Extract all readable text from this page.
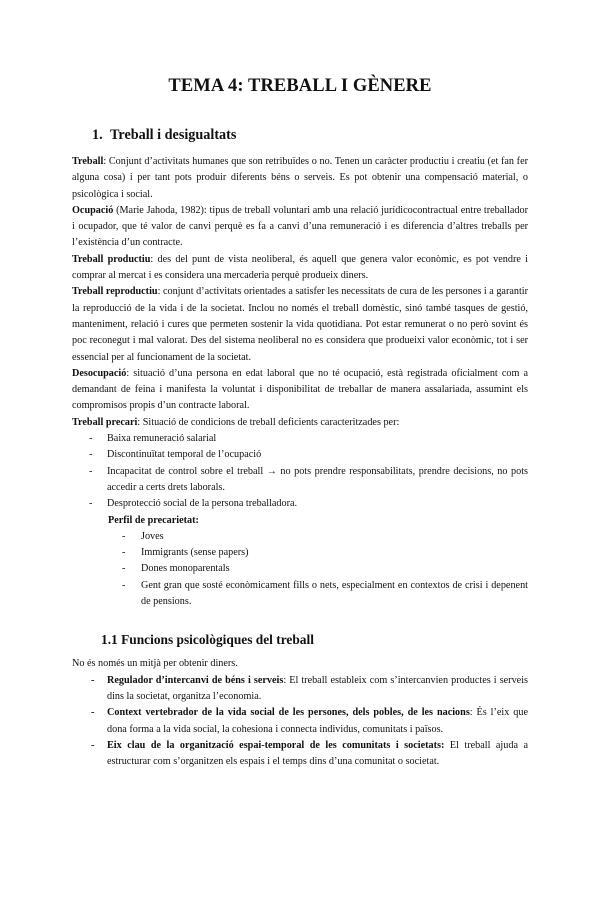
TEMA 4: TREBALL I GÈNERE
1. Treball i desigualtats

Treball: Conjunt d’activitats humanes que son retribuïdes o no. Tenen un caràcter productiu i creatiu (et fan fer alguna cosa) i per tant pots produir diferents béns o serveis. Es pot obtenir una compensació material, o psicològica i social.

Ocupació (Marie Jahoda, 1982): tipus de treball voluntari amb una relació jurídicocontractual entre treballador i ocupador, que té valor de canvi perquè es fa a canvi d’una remuneració i es diferencia d’altres treballs per l’existència d’un contracte.

Treball productiu: des del punt de vista neoliberal, és aquell que genera valor econòmic, es pot vendre i comprar al mercat i es considera una mercaderia perquè produeix diners.

Treball reproductiu: conjunt d’activitats orientades a satisfer les necessitats de cura de les persones i a garantir la reproducció de la vida i de la societat. Inclou no només el treball domèstic, sinó també tasques de gestió, manteniment, relació i cures que permeten sostenir la vida quotidiana. Pot estar remunerat o no però sovint és poc reconegut i mal valorat. Des del sistema neoliberal no es considera que produeixi valor econòmic, tot i ser essencial per al funcionament de la societat.

Desocupació: situació d’una persona en edat laboral que no té ocupació, està registrada oficialment com a demandant de feina i manifesta la voluntat i disponibilitat de treballar de manera assalariada, assumint els compromisos propis d’un contracte laboral.

Treball precari: Situació de condicions de treball deficients caracteritzades per:

- Baixa remuneració salarial
- Discontinuïtat temporal de l’ocupació
- Incapacitat de control sobre el treball → no pots prendre responsabilitats, prendre decisions, no pots accedir a certs drets laborals.
- Desprotecció social de la persona treballadora.

Perfil de precarietat:

- Joves
- Immigrants (sense papers)
- Dones monoparentals
- Gent gran que sosté econòmicament fills o nets, especialment en contextos de crisi i depenent de pensions.
1.1 Funcions psicològiques del treball

No és només un mitjà per obtenir diners.

- Regulador d’intercanvi de béns i serveis: El treball estableix com s’intercanvien productes i serveis dins la societat, organitza l’economia.
- Context vertebrador de la vida social de les persones, dels pobles, de les nacions: És l’eix que dona forma a la vida social, la cohesiona i connecta individus, comunitats i països.
- Eix clau de la organització espai-temporal de les comunitats i societats: El treball ajuda a estructurar com s’organitzen els espais i el temps dins d’una comunitat o societat.
